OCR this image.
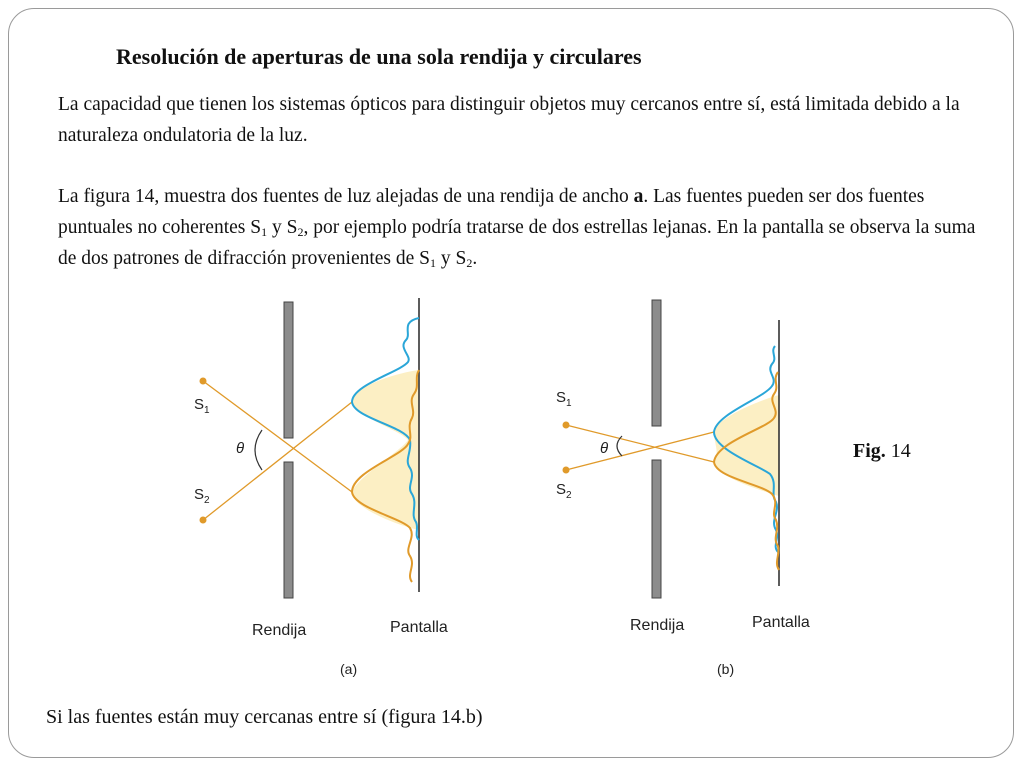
Resolución de aperturas de una sola rendija y circulares
La capacidad que tienen los sistemas ópticos para distinguir objetos muy cercanos entre sí, está limitada debido a la naturaleza ondulatoria de la luz.
La figura 14, muestra dos fuentes de luz alejadas de una rendija de ancho a. Las fuentes pueden ser dos fuentes puntuales no coherentes $S_1$ y $S_2$, por ejemplo podría tratarse de dos estrellas lejanas. En la pantalla se observa la suma de dos patrones de difracción provenientes de $S_1$ y $S_2$.
$S_1$
$S_2$
θ
Rendija	Pantalla
(a)
$S_1$
$S_2$
θ
Rendija	Pantalla
(b)
Fig. 14
Si las fuentes están muy cercanas entre sí (figura 14.b)
